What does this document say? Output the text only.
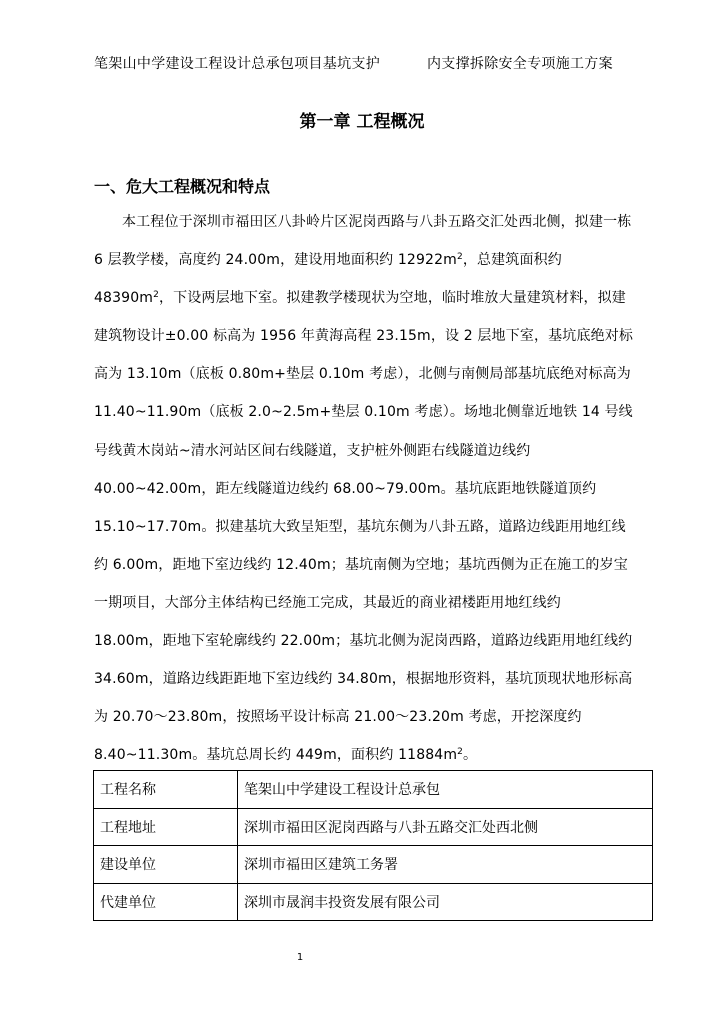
笔架山中学建设工程设计总承包项目基坑支护	内支撑拆除安全专项施工方案
第一章 工程概况
一、危大工程概况和特点
本工程位于深圳市福田区八卦岭片区泥岗西路与八卦五路交汇处西北侧，拟建一栋
6 层教学楼，高度约 24.00m，建设用地面积约 $12922m^2$，总建筑面积约
$48390m^2$，下设两层地下室。拟建教学楼现状为空地，临时堆放大量建筑材料，拟建
建筑物设计±0.00 标高为 1956 年黄海高程 23.15m，设 2 层地下室，基坑底绝对标
高为 13.10m（底板 0.80m+垫层 0.10m 考虑），北侧与南侧局部基坑底绝对标高为
11.40~11.90m（底板 2.0~2.5m+垫层 0.10m 考虑）。场地北侧靠近地铁 14 号线
号线黄木岗站~清水河站区间右线隧道，支护桩外侧距右线隧道边线约
40.00~42.00m，距左线隧道边线约 68.00~79.00m。基坑底距地铁隧道顶约
15.10~17.70m。拟建基坑大致呈矩型，基坑东侧为八卦五路，道路边线距用地红线
约 6.00m，距地下室边线约 12.40m；基坑南侧为空地；基坑西侧为正在施工的岁宝
一期项目，大部分主体结构已经施工完成，其最近的商业裙楼距用地红线约
18.00m，距地下室轮廓线约 22.00m；基坑北侧为泥岗西路，道路边线距用地红线约
34.60m，道路边线距距地下室边线约 34.80m，根据地形资料，基坑顶现状地形标高
为 20.70～23.80m，按照场平设计标高 21.00～23.20m 考虑，开挖深度约
8.40~11.30m。基坑总周长约 449m，面积约 $11884m^2$。
工程名称	笔架山中学建设工程设计总承包
工程地址	深圳市福田区泥岗西路与八卦五路交汇处西北侧
建设单位	深圳市福田区建筑工务署
代建单位	深圳市晟润丰投资发展有限公司
1
